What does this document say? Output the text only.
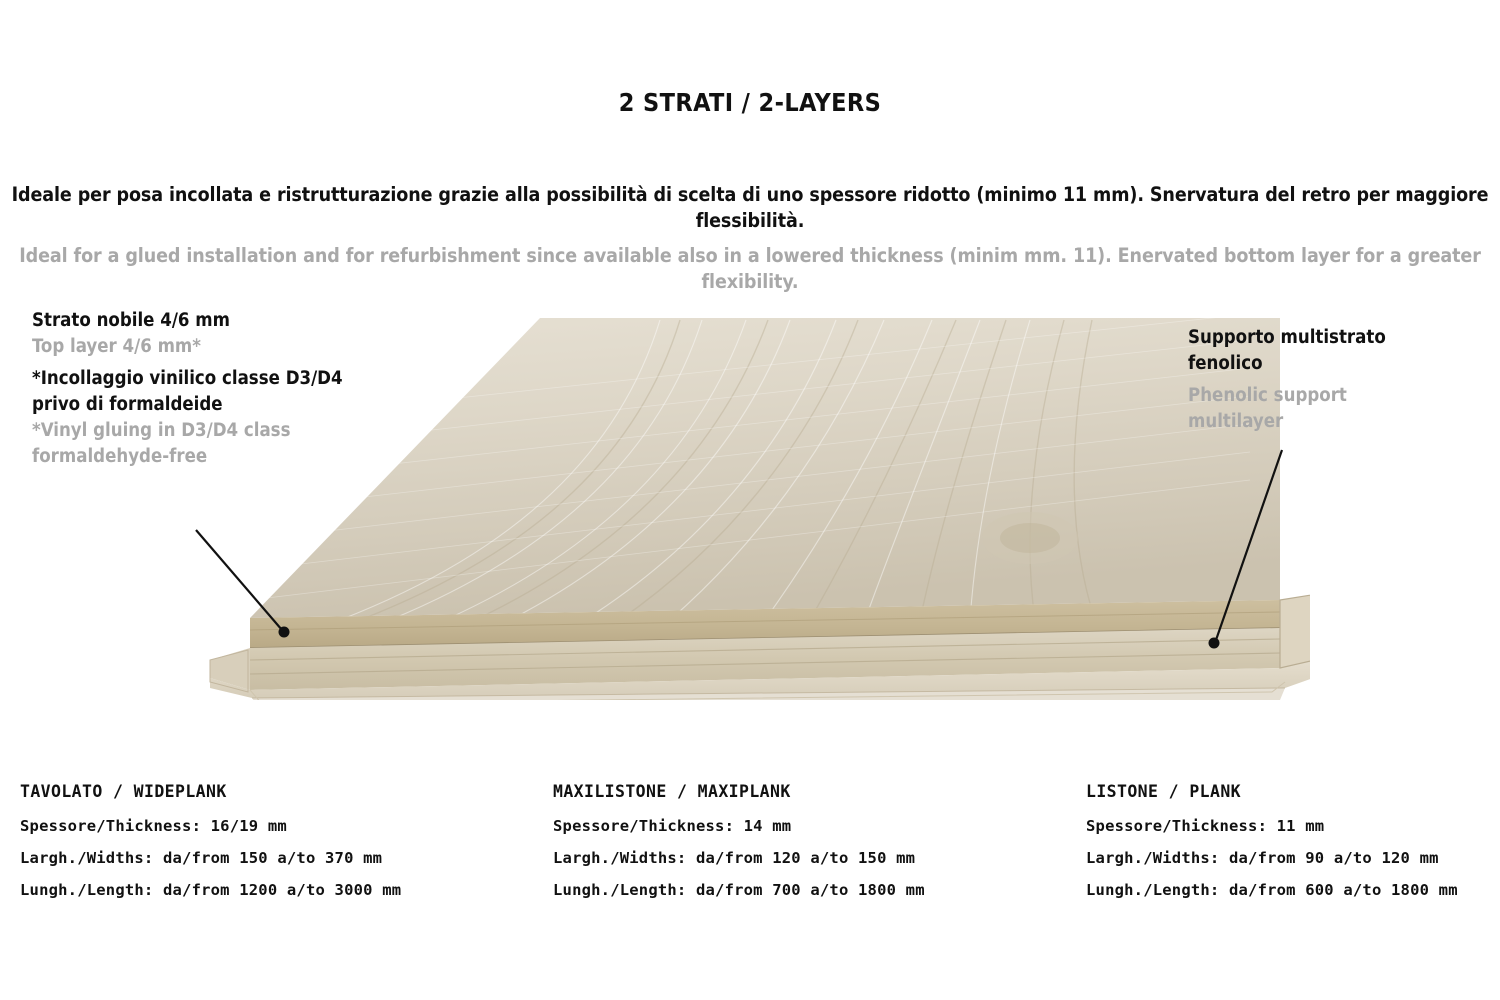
2 STRATI / 2-LAYERS
Ideale per posa incollata e ristrutturazione grazie alla possibilità di scelta di uno spessore ridotto (minimo 11 mm). Snervatura del retro per maggiore flessibilità.
Ideal for a glued installation and for refurbishment since available also in a lowered thickness (minim mm. 11). Enervated bottom layer for a greater flexibility.
Strato nobile 4/6 mm
Top layer 4/6 mm*
*Incollaggio vinilico classe D3/D4
privo di formaldeide
*Vinyl gluing in D3/D4 class
formaldehyde-free
Supporto multistrato
fenolico
Phenolic support
multilayer
TAVOLATO / WIDEPLANK
Spessore/Thickness: 16/19 mm
Largh./Widths: da/from 150 a/to 370 mm
Lungh./Length: da/from 1200 a/to 3000 mm
MAXILISTONE / MAXIPLANK
Spessore/Thickness: 14 mm
Largh./Widths: da/from 120 a/to 150 mm
Lungh./Length: da/from 700 a/to 1800 mm
LISTONE / PLANK
Spessore/Thickness: 11 mm
Largh./Widths: da/from 90 a/to 120 mm
Lungh./Length: da/from 600 a/to 1800 mm
